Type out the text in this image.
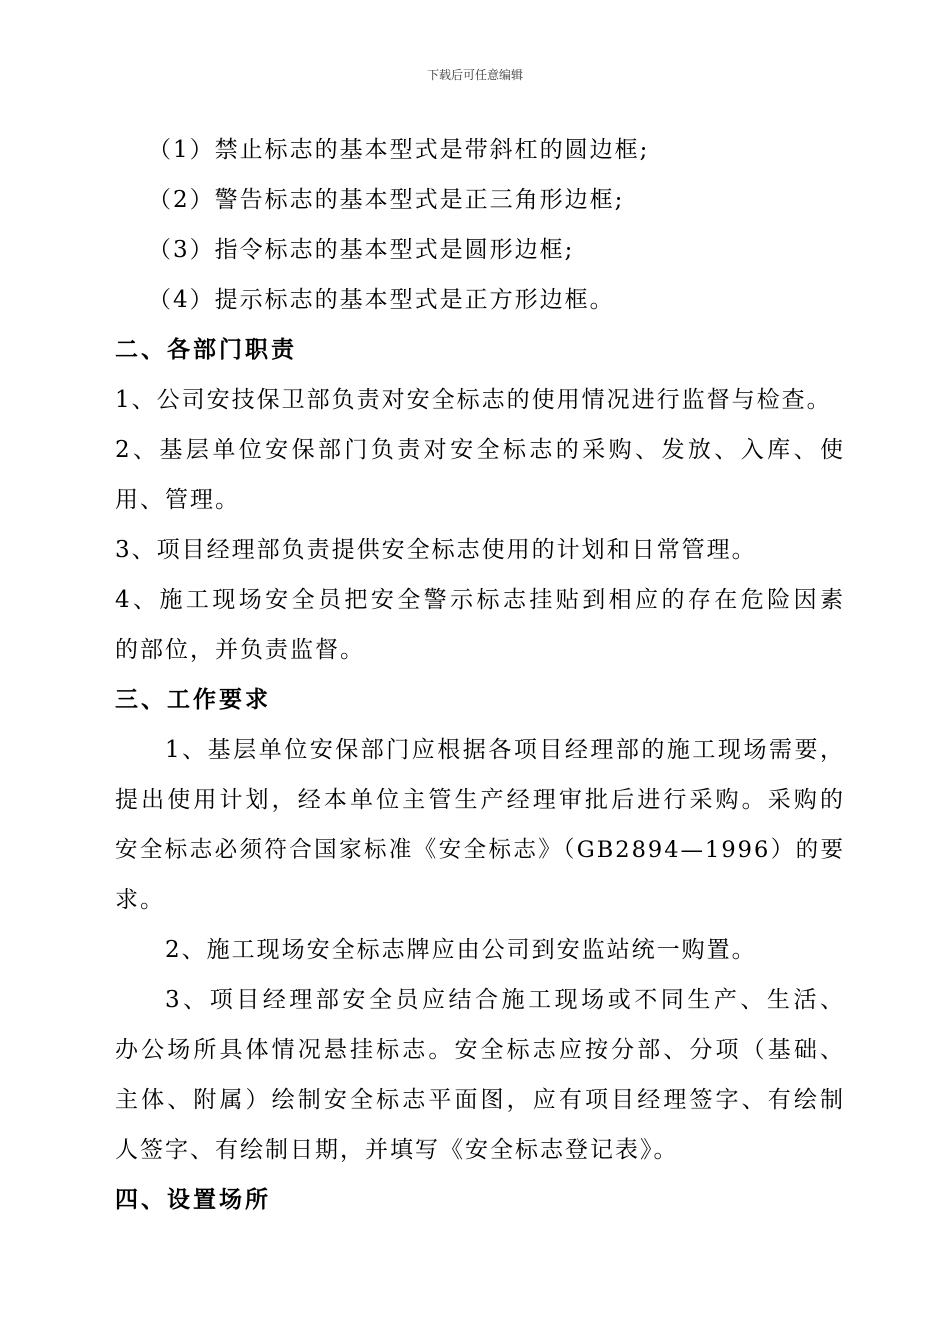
下载后可任意编辑
（1）禁止标志的基本型式是带斜杠的圆边框;
（2）警告标志的基本型式是正三角形边框;
（3）指令标志的基本型式是圆形边框;
（4）提示标志的基本型式是正方形边框。
二、各部门职责
1、公司安技保卫部负责对安全标志的使用情况进行监督与检查。
2、基层单位安保部门负责对安全标志的采购、发放、入库、使
用、管理。
3、项目经理部负责提供安全标志使用的计划和日常管理。
4、施工现场安全员把安全警示标志挂贴到相应的存在危险因素
的部位，并负责监督。
三、工作要求
1、基层单位安保部门应根据各项目经理部的施工现场需要，
提出使用计划，经本单位主管生产经理审批后进行采购。采购的
安全标志必须符合国家标准《安全标志》（GB2894—1996）的要
求。
2、施工现场安全标志牌应由公司到安监站统一购置。
3、项目经理部安全员应结合施工现场或不同生产、生活、
办公场所具体情况悬挂标志。安全标志应按分部、分项（基础、
主体、附属）绘制安全标志平面图，应有项目经理签字、有绘制
人签字、有绘制日期，并填写《安全标志登记表》。
四、设置场所
